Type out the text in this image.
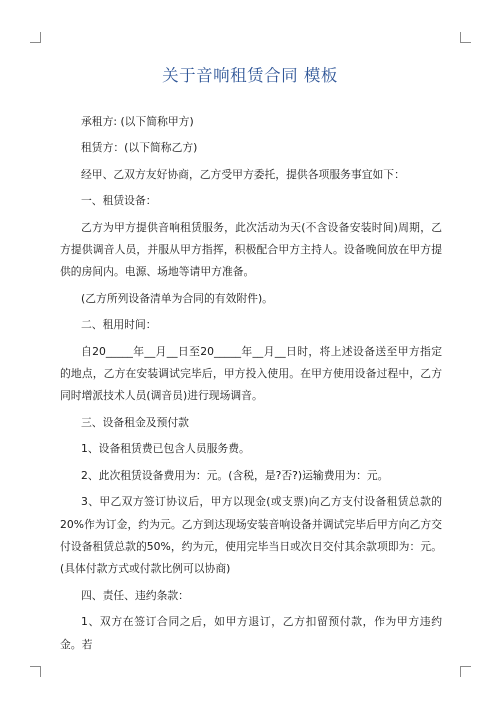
关于音响租赁合同 模板

承租方: (以下简称甲方)

租赁方：(以下简称乙方)

经甲、乙双方友好协商，乙方受甲方委托，提供各项服务事宜如下：

一、租赁设备：

乙方为甲方提供音响租赁服务，此次活动为天(不含设备安装时间)周期，乙方提供调音人员，并服从甲方指挥，积极配合甲方主持人。设备晚间放在甲方提供的房间内。电源、场地等请甲方准备。

(乙方所列设备清单为合同的有效附件)。

二、租用时间：

自20_____年__月__日至20_____年__月__日时，将上述设备送至甲方指定的地点，乙方在安装调试完毕后，甲方投入使用。在甲方使用设备过程中，乙方同时增派技术人员(调音员)进行现场调音。

三、设备租金及预付款

1、设备租赁费已包含人员服务费。

2、此次租赁设备费用为：元。(含税，是?否?)运输费用为：元。

3、甲乙双方签订协议后，甲方以现金(或支票)向乙方支付设备租赁总款的20%作为订金，约为元。乙方到达现场安装音响设备并调试完毕后甲方向乙方交付设备租赁总款的50%，约为元，使用完毕当日或次日交付其余款项即为：元。(具体付款方式或付款比例可以协商)

四、责任、违约条款：

1、双方在签订合同之后，如甲方退订，乙方扣留预付款，作为甲方违约金。若
